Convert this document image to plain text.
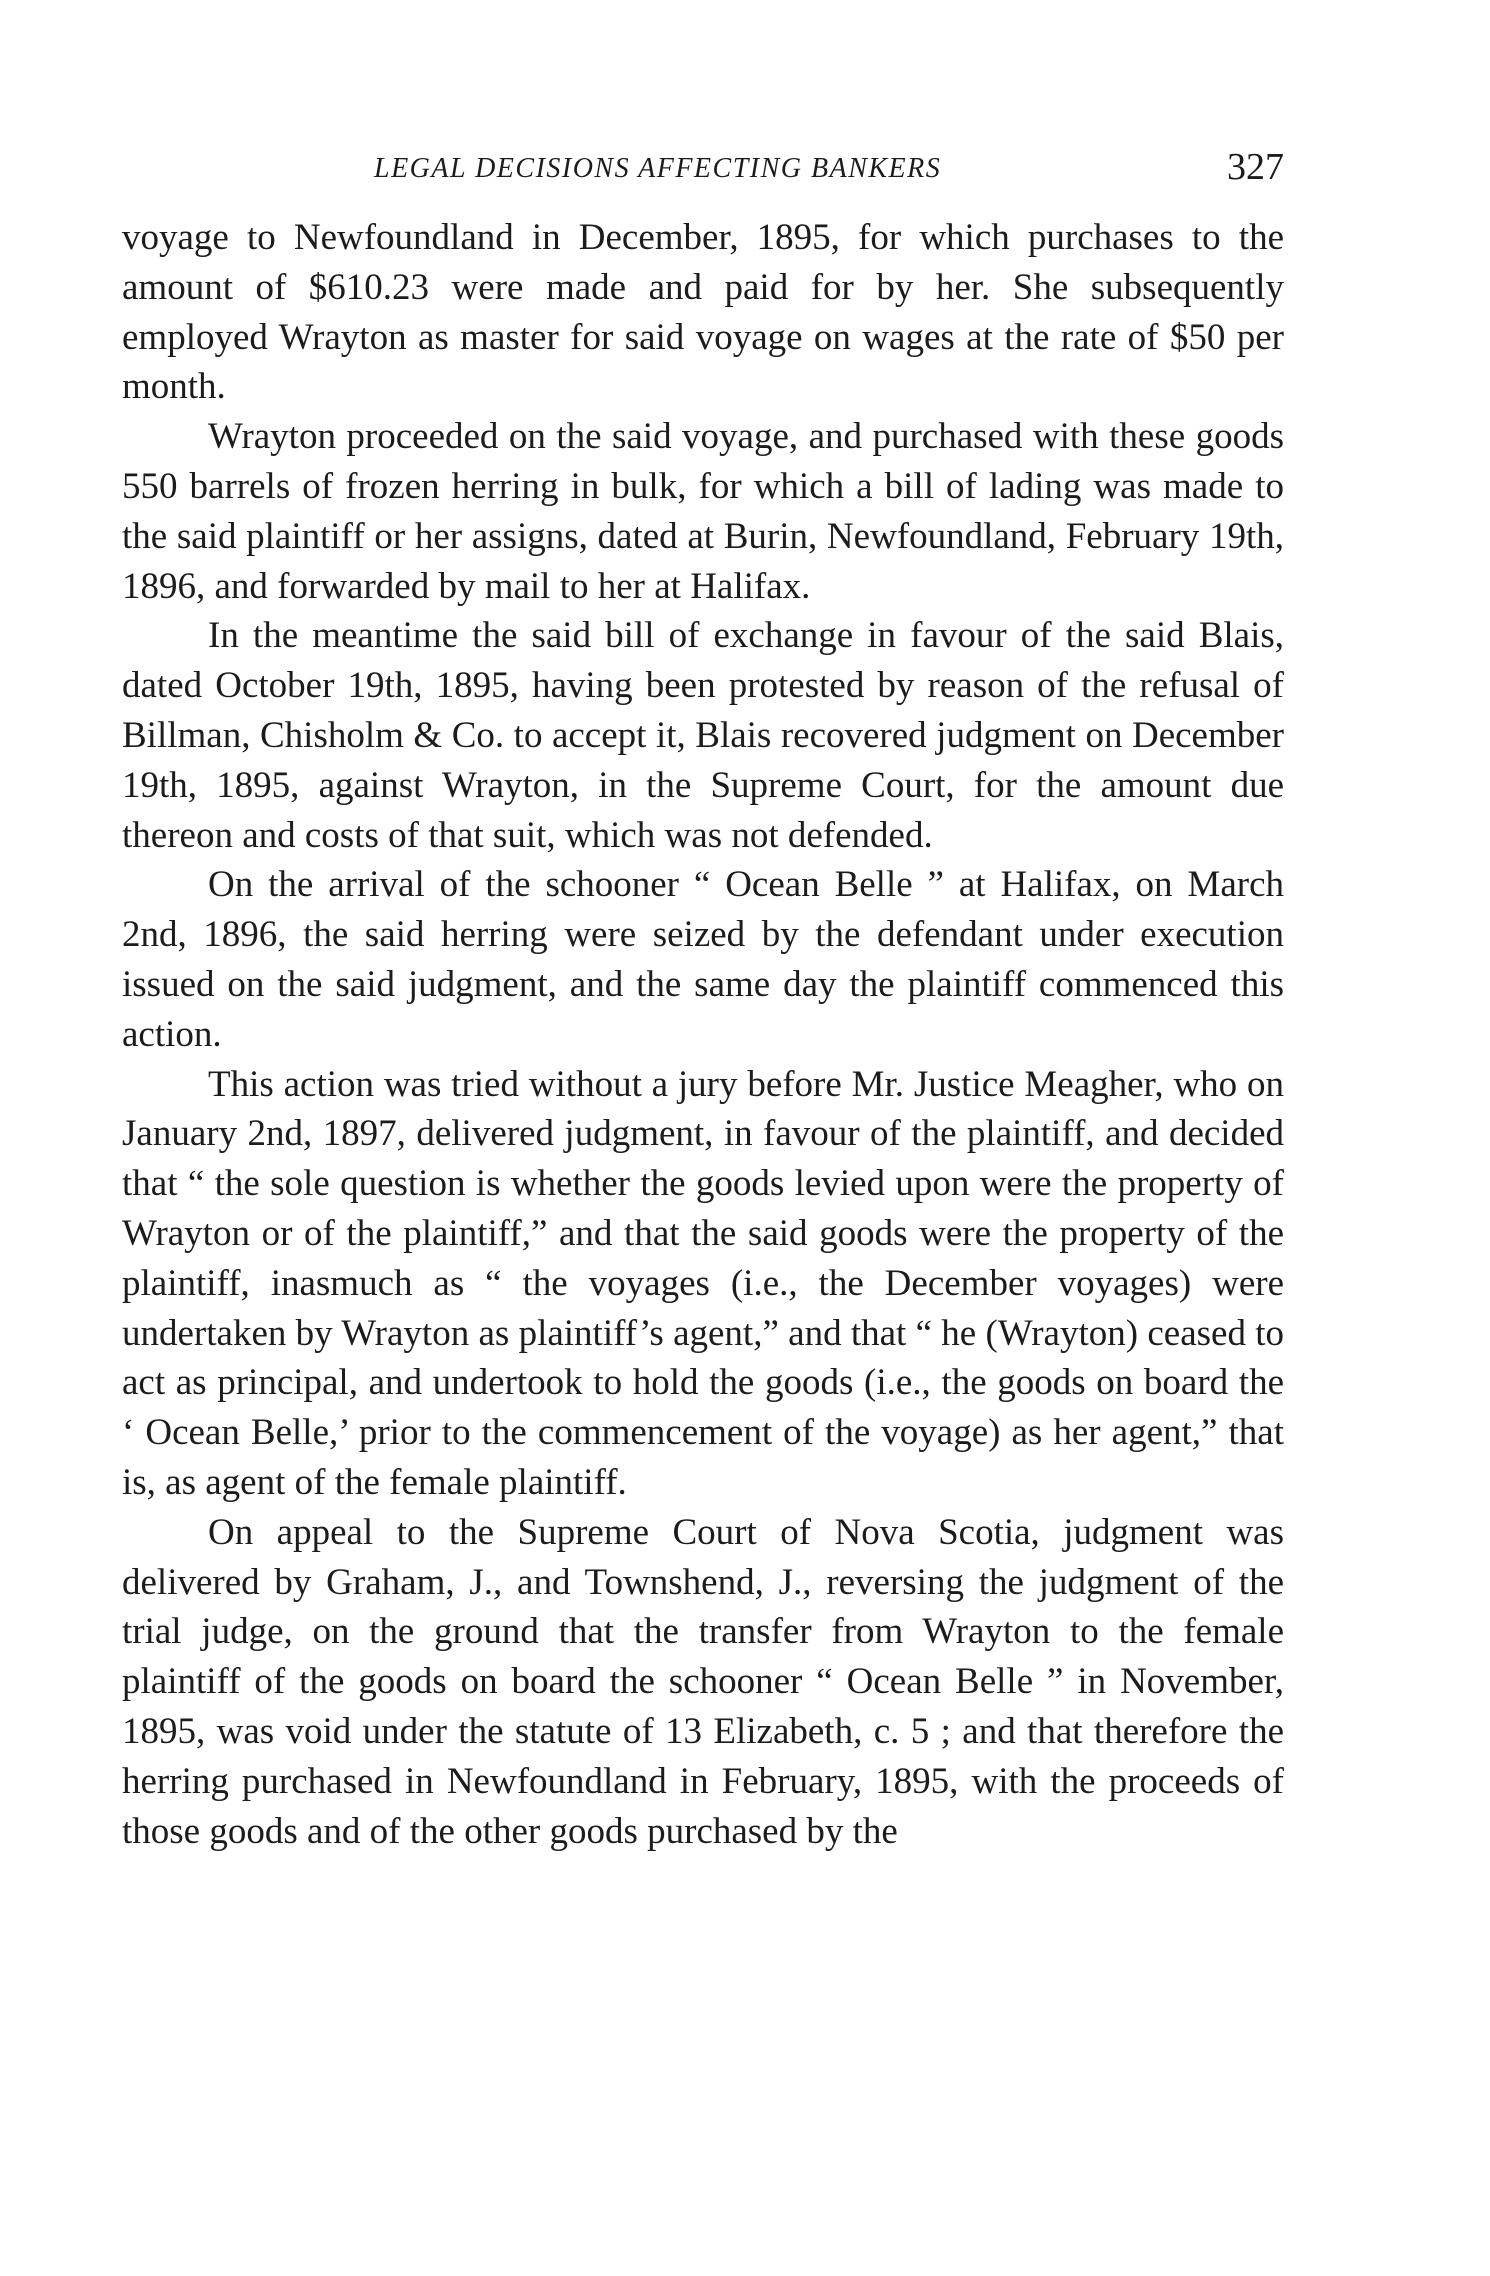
LEGAL DECISIONS AFFECTING BANKERS	327

voyage to Newfoundland in December, 1895, for which purchases to the amount of $610.23 were made and paid for by her. She subsequently employed Wrayton as master for said voyage on wages at the rate of $50 per month.

Wrayton proceeded on the said voyage, and purchased with these goods 550 barrels of frozen herring in bulk, for which a bill of lading was made to the said plaintiff or her assigns, dated at Burin, Newfoundland, February 19th, 1896, and forwarded by mail to her at Halifax.

In the meantime the said bill of exchange in favour of the said Blais, dated October 19th, 1895, having been protested by reason of the refusal of Billman, Chisholm & Co. to accept it, Blais recovered judgment on December 19th, 1895, against Wrayton, in the Supreme Court, for the amount due thereon and costs of that suit, which was not defended.

On the arrival of the schooner “ Ocean Belle ” at Halifax, on March 2nd, 1896, the said herring were seized by the defendant under execution issued on the said judgment, and the same day the plaintiff commenced this action.

This action was tried without a jury before Mr. Justice Meagher, who on January 2nd, 1897, delivered judgment, in favour of the plaintiff, and decided that “ the sole question is whether the goods levied upon were the property of Wrayton or of the plaintiff,” and that the said goods were the property of the plaintiff, inasmuch as “ the voyages (i.e., the December voyages) were undertaken by Wrayton as plaintiff’s agent,” and that “ he (Wrayton) ceased to act as principal, and undertook to hold the goods (i.e., the goods on board the ‘ Ocean Belle,’ prior to the commencement of the voyage) as her agent,” that is, as agent of the female plaintiff.

On appeal to the Supreme Court of Nova Scotia, judgment was delivered by Graham, J., and Townshend, J., reversing the judgment of the trial judge, on the ground that the transfer from Wrayton to the female plaintiff of the goods on board the schooner “ Ocean Belle ” in November, 1895, was void under the statute of 13 Elizabeth, c. 5 ; and that therefore the herring purchased in Newfoundland in February, 1895, with the proceeds of those goods and of the other goods purchased by the
